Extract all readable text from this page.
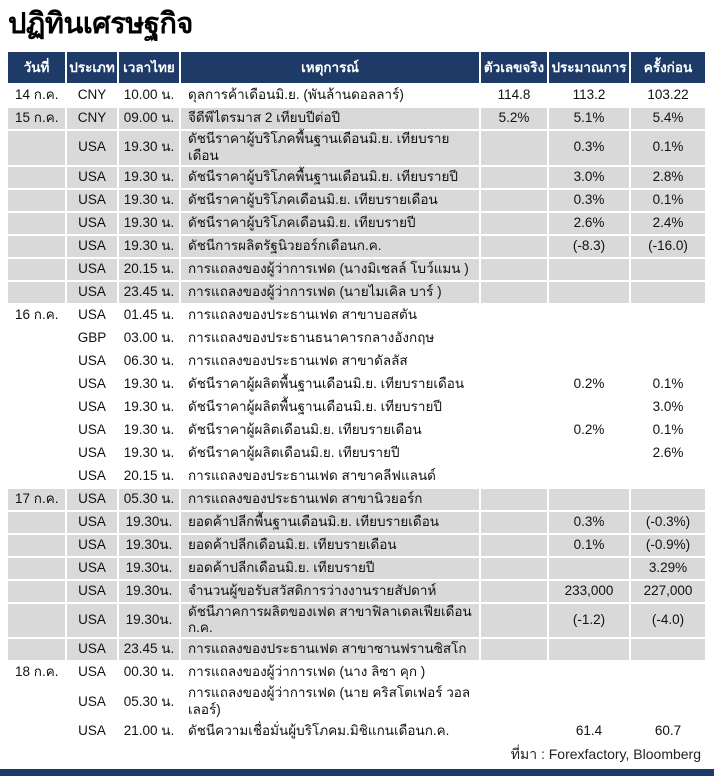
ปฏิทินเศรษฐกิจ
วันที่	ประเภท	เวลาไทย	เหตุการณ์	ตัวเลขจริง	ประมาณการ	ครั้งก่อน
14 ก.ค.	CNY	10.00 น.	ดุลการค้าเดือนมิ.ย. (พันล้านดอลลาร์)	114.8	113.2	103.22
15 ก.ค.	CNY	09.00 น.	จีดีพีไตรมาส 2 เทียบปีต่อปี	5.2%	5.1%	5.4%
	USA	19.30 น.	ดัชนีราคาผู้บริโภคพื้นฐานเดือนมิ.ย. เทียบรายเดือน		0.3%	0.1%
	USA	19.30 น.	ดัชนีราคาผู้บริโภคพื้นฐานเดือนมิ.ย. เทียบรายปี		3.0%	2.8%
	USA	19.30 น.	ดัชนีราคาผู้บริโภคเดือนมิ.ย. เทียบรายเดือน		0.3%	0.1%
	USA	19.30 น.	ดัชนีราคาผู้บริโภคเดือนมิ.ย. เทียบรายปี		2.6%	2.4%
	USA	19.30 น.	ดัชนีการผลิตรัฐนิวยอร์กเดือนก.ค.		(-8.3)	(-16.0)
	USA	20.15 น.	การแถลงของผู้ว่าการเฟด (นางมิเชลล์ โบว์แมน )			
	USA	23.45 น.	การแถลงของผู้ว่าการเฟด (นายไมเคิล บาร์ )			
16 ก.ค.	USA	01.45 น.	การแถลงของประธานเฟด สาขาบอสตัน			
	GBP	03.00 น.	การแถลงของประธานธนาคารกลางอังกฤษ			
	USA	06.30 น.	การแถลงของประธานเฟด สาขาดัลลัส			
	USA	19.30 น.	ดัชนีราคาผู้ผลิตพื้นฐานเดือนมิ.ย. เทียบรายเดือน		0.2%	0.1%
	USA	19.30 น.	ดัชนีราคาผู้ผลิตพื้นฐานเดือนมิ.ย. เทียบรายปี			3.0%
	USA	19.30 น.	ดัชนีราคาผู้ผลิตเดือนมิ.ย. เทียบรายเดือน		0.2%	0.1%
	USA	19.30 น.	ดัชนีราคาผู้ผลิตเดือนมิ.ย. เทียบรายปี			2.6%
	USA	20.15 น.	การแถลงของประธานเฟด สาขาคลีฟแลนด์			
17 ก.ค.	USA	05.30 น.	การแถลงของประธานเฟด สาขานิวยอร์ก			
	USA	19.30น.	ยอดค้าปลีกพื้นฐานเดือนมิ.ย. เทียบรายเดือน		0.3%	(-0.3%)
	USA	19.30น.	ยอดค้าปลีกเดือนมิ.ย. เทียบรายเดือน		0.1%	(-0.9%)
	USA	19.30น.	ยอดค้าปลีกเดือนมิ.ย. เทียบรายปี			3.29%
	USA	19.30น.	จำนวนผู้ขอรับสวัสดิการว่างงานรายสัปดาห์		233,000	227,000
	USA	19.30น.	ดัชนีภาคการผลิตของเฟด สาขาฟิลาเดลเฟียเดือนก.ค.		(-1.2)	(-4.0)
	USA	23.45 น.	การแถลงของประธานเฟด สาขาซานฟรานซิสโก			
18 ก.ค.	USA	00.30 น.	การแถลงของผู้ว่าการเฟด (นาง ลิซา คุก )			
	USA	05.30 น.	การแถลงของผู้ว่าการเฟด (นาย คริสโตเฟอร์ วอลเลอร์)			
	USA	21.00 น.	ดัชนีความเชื่อมั่นผู้บริโภคม.มิชิแกนเดือนก.ค.		61.4	60.7
ที่มา : Forexfactory, Bloomberg
